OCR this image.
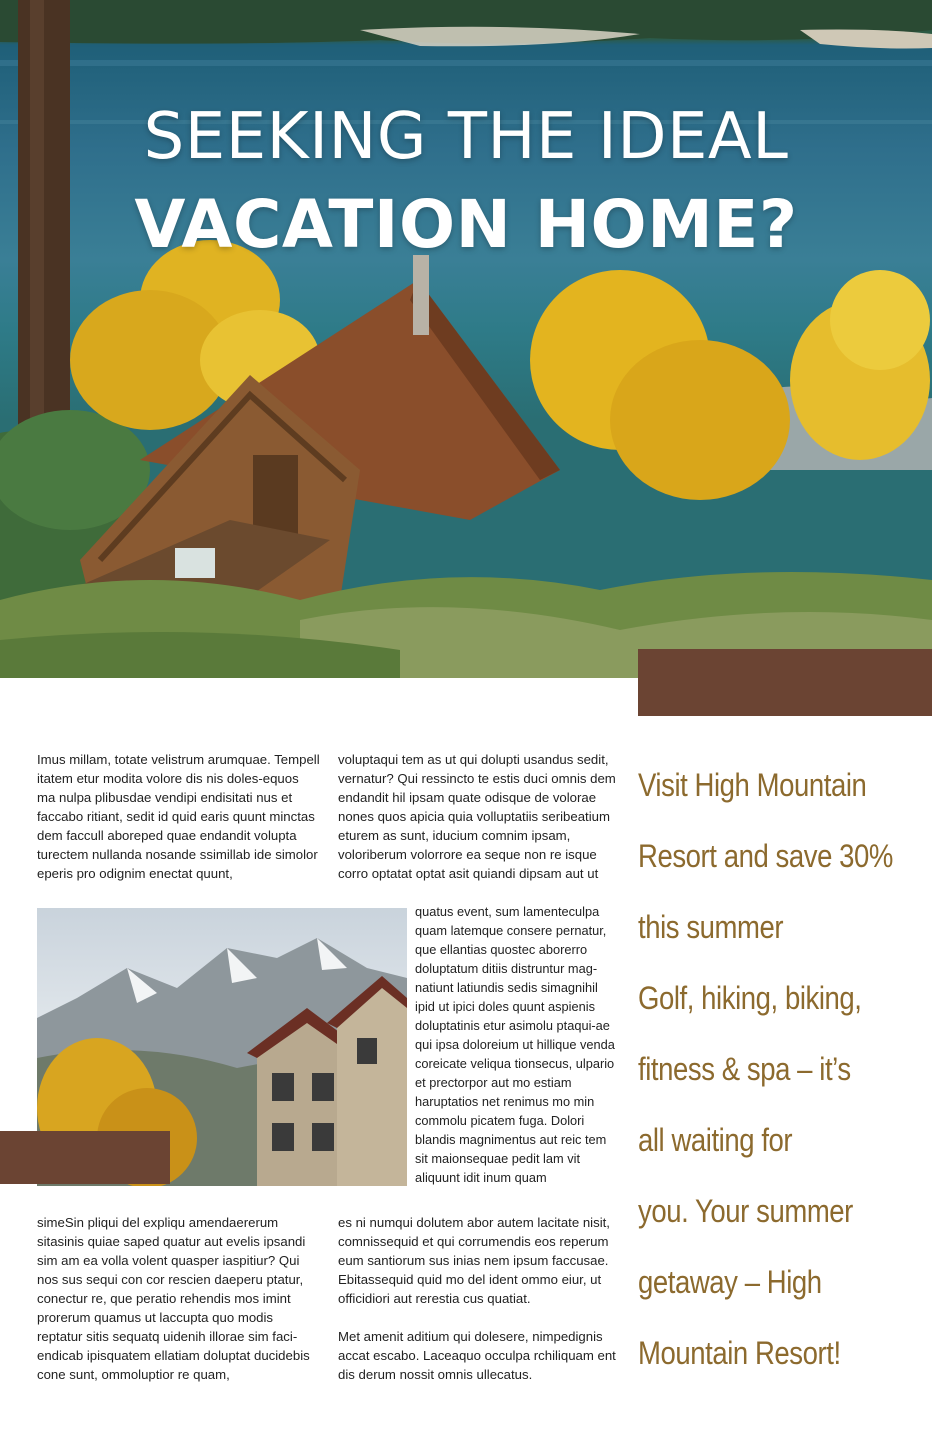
SEEKING THE IDEAL
VACATION HOME?

Imus millam, totate velistrum arumquae. Tempell itatem etur modita volore dis nis doles-equos ma nulpa plibusdae vendipi endisitati nus et faccabo ritiant, sedit id quid earis quunt minctas dem faccull aboreped quae endandit volupta turectem nullanda nosande ssimillab ide simolor eperis pro odignim enectat quunt,

voluptaqui tem as ut qui dolupti usandus sedit, vernatur? Qui ressincto te estis duci omnis dem endandit hil ipsam quate odisque de volorae nones quos apicia quia volluptatiis seribeatium eturem as sunt, iducium comnim ipsam, voloriberum volorrore ea seque non re isque corro optatat optat asit quiandi dipsam aut ut

quatus event, sum lamenteculpa quam latemque consere pernatur, que ellantias quostec aborerro doluptatum ditiis distruntur mag-natiunt latiundis sedis simagnihil ipid ut ipici doles quunt aspienis doluptatinis etur asimolu ptaqui-ae qui ipsa doloreium ut hillique venda coreicate veliqua tionsecus, ulpario et prectorpor aut mo estiam haruptatios net renimus mo min commolu picatem fuga. Dolori blandis magnimentus aut reic tem sit maionsequae pedit lam vit aliquunt idit inum quam

simeSin pliqui del expliqu amendaererum sitasinis quiae saped quatur aut evelis ipsandi sim am ea volla volent quasper iaspitiur? Qui nos sus sequi con cor rescien daeperu ptatur, conectur re, que peratio rehendis mos imint prorerum quamus ut laccupta quo modis reptatur sitis sequatq uidenih illorae sim faci-endicab ipisquatem ellatiam doluptat ducidebis cone sunt, ommoluptior re quam,

es ni numqui dolutem abor autem lacitate nisit, comnissequid et qui corrumendis eos reperum eum santiorum sus inias nem ipsum faccusae. Ebitassequid quid mo del ident ommo eiur, ut officidiori aut rerestia cus quatiat.

Met amenit aditium qui dolesere, nimpedignis accat escabo. Laceaquo occulpa rchiliquam ent dis derum nossit omnis ullecatus.

Visit High Mountain
Resort and save 30%
this summer
Golf, hiking, biking,
fitness & spa – it’s
all waiting for
you. Your summer
getaway – High
Mountain Resort!
